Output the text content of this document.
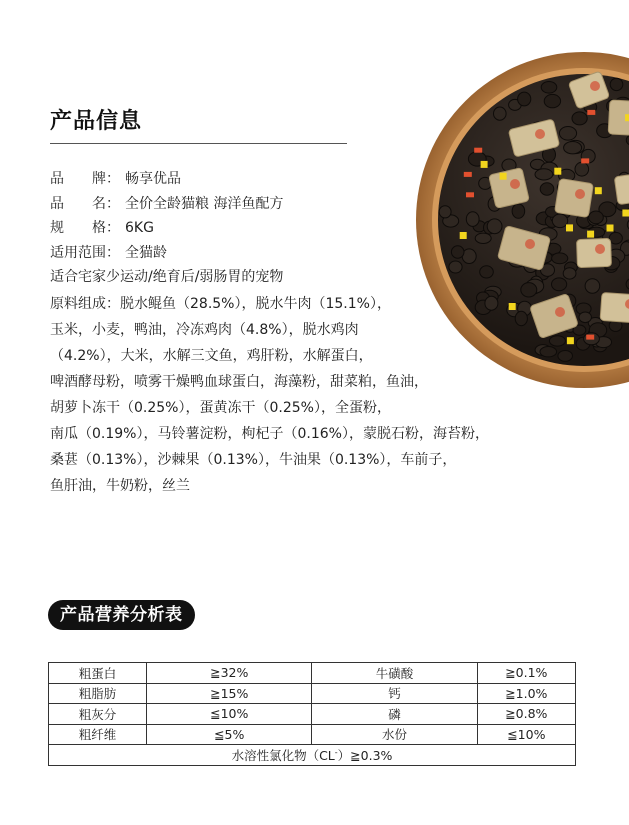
产品信息
品　　牌： 畅享优品
品　　名： 全价全龄猫粮 海洋鱼配方
规　　格： 6KG
适用范围： 全猫龄
适合宅家少运动/绝育后/弱肠胃的宠物
原料组成：脱水鲲鱼（28.5%），脱水牛肉（15.1%），
玉米，小麦，鸭油，冷冻鸡肉（4.8%），脱水鸡肉
（4.2%），大米，水解三文鱼，鸡肝粉，水解蛋白，
啤酒酵母粉，喷雾干燥鸭血球蛋白，海藻粉，甜菜粕，鱼油，
胡萝卜冻干（0.25%），蛋黄冻干（0.25%），全蛋粉，
南瓜（0.19%），马铃薯淀粉，枸杞子（0.16%），蒙脱石粉，海苔粉，
桑葚（0.13%），沙棘果（0.13%），牛油果（0.13%），车前子，
鱼肝油，牛奶粉，丝兰
产品营养分析表
粗蛋白	≧32%	牛磺酸	≧0.1%
粗脂肪	≧15%	钙	≧1.0%
粗灰分	≦10%	磷	≧0.8%
粗纤维	≦5%	水份	≦10%
水溶性氯化物（CL-）≧0.3%			
